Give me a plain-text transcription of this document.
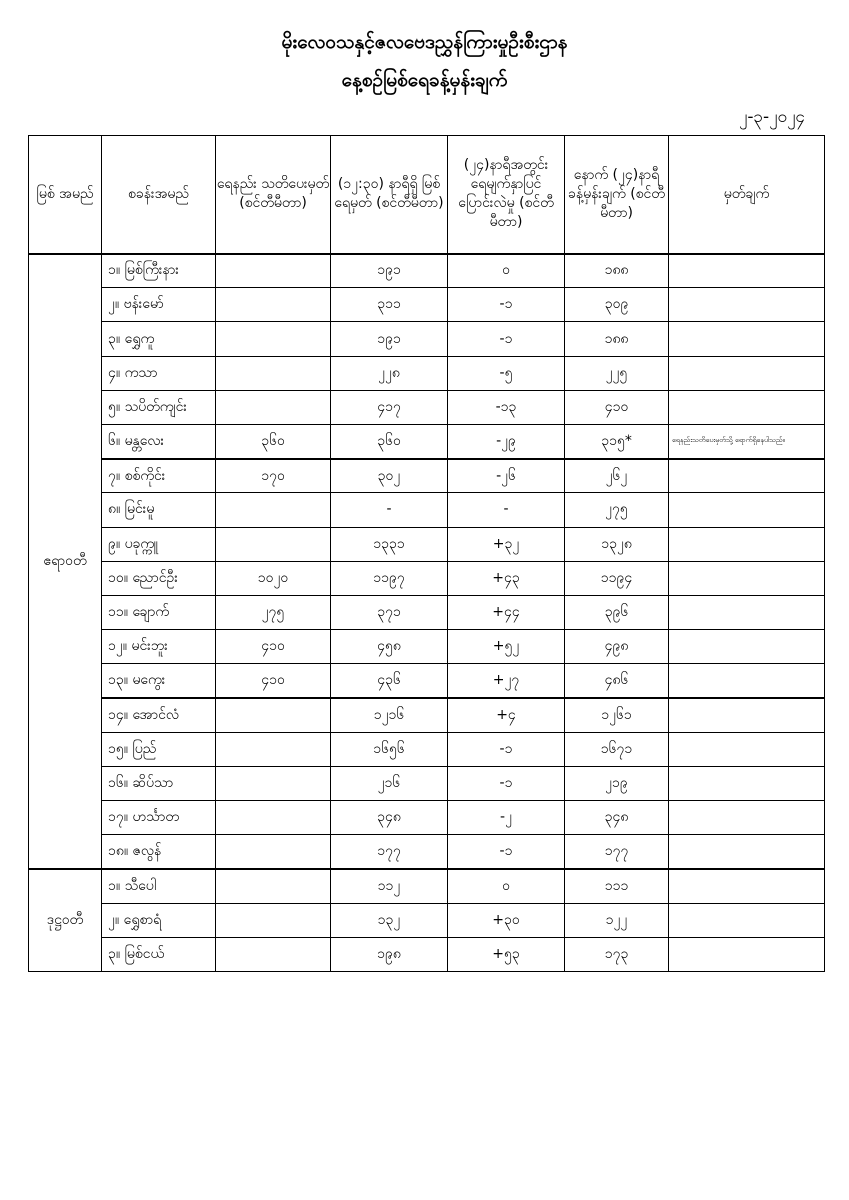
မိုးလေဝသနှင့်ဇလဗေဒညွှန်ကြားမှုဦးစီးဌာန
နေ့စဉ်မြစ်ရေခန့်မှန်းချက်
၂-၃-၂၀၂၄
မြစ် အမည်	စခန်းအမည်	ရေနည်း သတိပေးမှတ် (စင်တီမီတာ)	(၁၂:၃၀) နာရီရှိ မြစ်ရေမှတ် (စင်တီမီတာ)	(၂၄)နာရီအတွင်း ရေမျက်နှာပြင် ပြောင်းလဲမှု (စင်တီမီတာ)	နောက် (၂၄)နာရီ ခန့်မှန်းချက် (စင်တီမီတာ)	မှတ်ချက်
ဧရာဝတီ	၁။ မြစ်ကြီးနား		၁၉၁	၀	၁၈၈	
	၂။ ဗန်းမော်		၃၁၁	-၁	၃၀၉	
	၃။ ရွှေကူ		၁၉၁	-၁	၁၈၈	
	၄။ ကသာ		၂၂၈	-၅	၂၂၅	
	၅။ သပိတ်ကျင်း		၄၁၇	-၁၃	၄၁၀	
	၆။ မန္တလေး	၃၆၀	၃၆၀	-၂၉	၃၁၅*	ရေနည်းသတိပေးမှတ်သို့ ရောက်ရှိနေပါသည်။
	၇။ စစ်ကိုင်း	၁၇၀	၃၀၂	-၂၆	၂၆၂	
	၈။ မြင်းမူ		-	-	၂၇၅	
	၉။ ပခုက္ကူ		၁၃၃၁	+၃၂	၁၃၂၈	
	၁၀။ ညောင်ဦး	၁၀၂၀	၁၁၉၇	+၄၃	၁၁၉၄	
	၁၁။ ချောက်	၂၇၅	၃၇၁	+၄၄	၃၉၆	
	၁၂။ မင်းဘူး	၄၁၀	၄၅၈	+၅၂	၄၉၈	
	၁၃။ မကွေး	၄၁၀	၄၃၆	+၂၇	၄၈၆	
	၁၄။ အောင်လံ		၁၂၁၆	+၄	၁၂၆၁	
	၁၅။ ပြည်		၁၆၅၆	-၁	၁၆၇၁	
	၁၆။ ဆိပ်သာ		၂၁၆	-၁	၂၁၉	
	၁၇။ ဟင်္သာတ		၃၄၈	-၂	၃၄၈	
	၁၈။ ဇလွန်		၁၇၇	-၁	၁၇၇	
ဒုဋ္ဌဝတီ	၁။ သီပေါ		၁၁၂	၀	၁၁၁	
	၂။ ရွှေစာရံ		၁၃၂	+၃၀	၁၂၂	
	၃။ မြစ်ငယ်		၁၉၈	+၅၃	၁၇၃	
